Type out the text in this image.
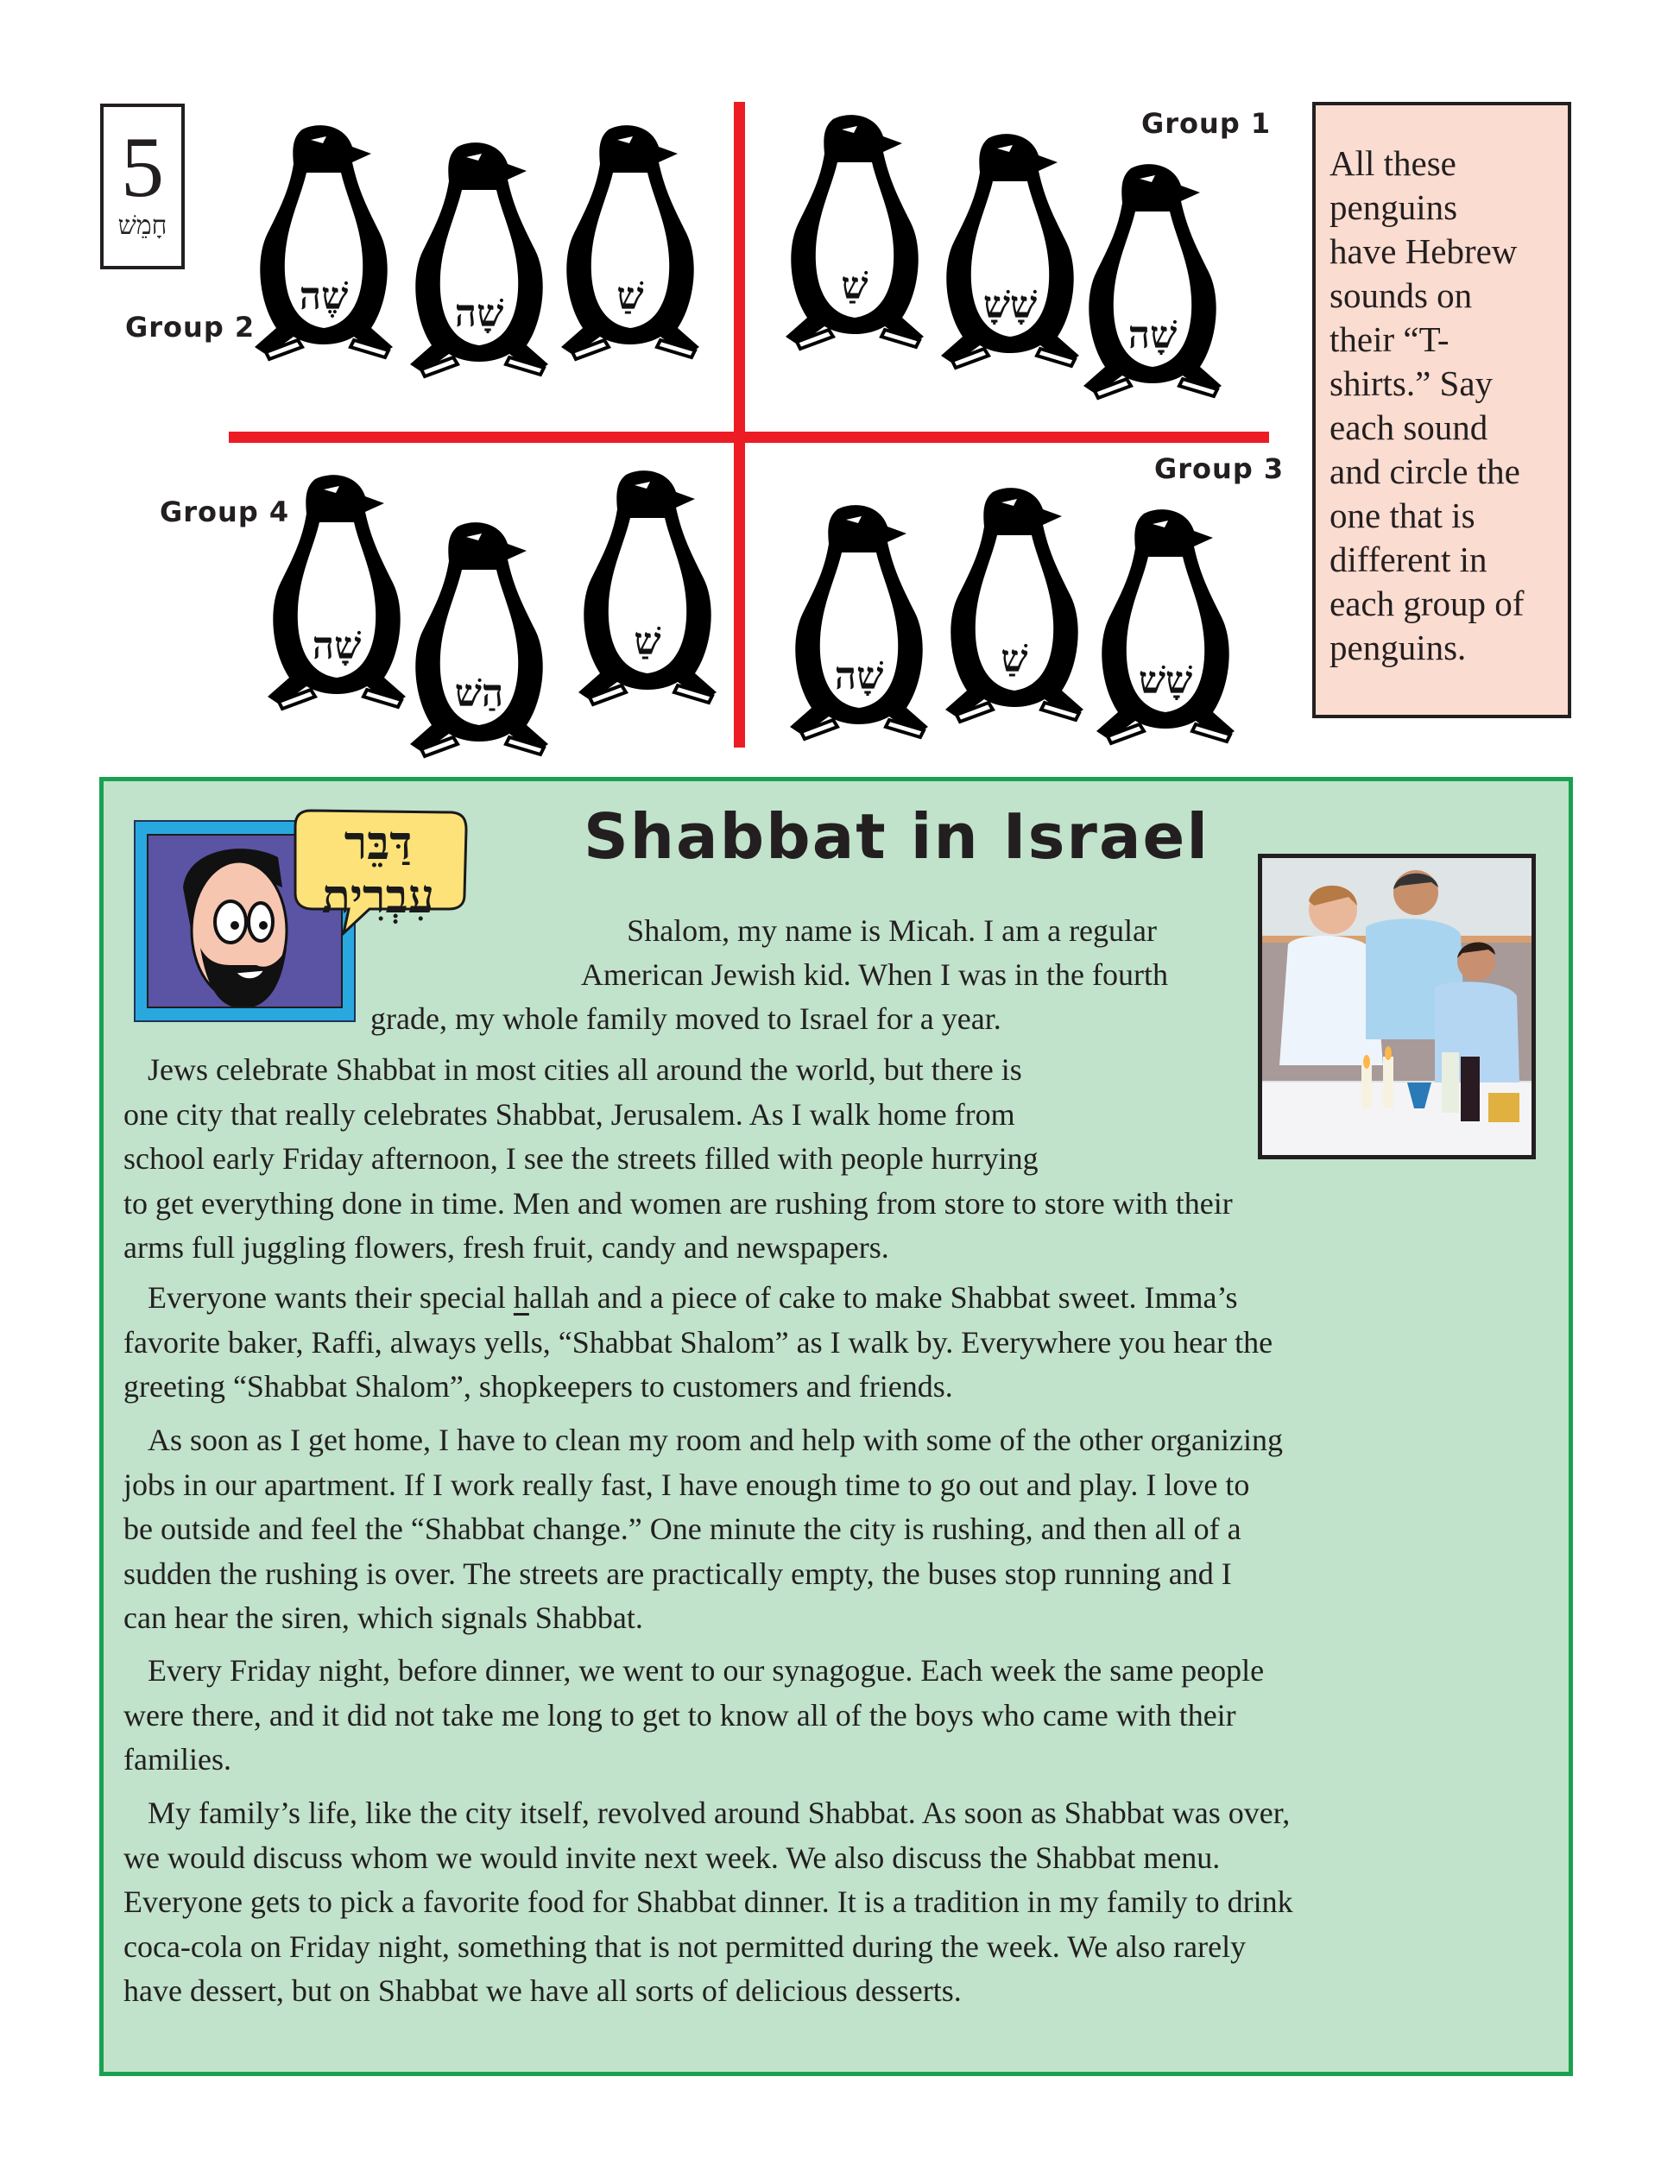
5
חָמֵשׁ
Group 1
Group 2
Group 3
Group 4
שֶׁה	שָׁה	שַׁ	שַׁ	שָׁשָׁ
שָׁה
שָׁה
הַשׁ
שַׁ
שָׁה	שַׁ	שָׁשׁ
All these
penguins
have Hebrew
sounds on
their “T-
shirts.” Say
each sound
and circle the
one that is
different in
each group of
penguins.
דַּבֵּר
עִבְרִית
Shabbat in Israel
Shalom, my name is Micah. I am a regular
American Jewish kid. When I was in the fourth
grade, my whole family moved to Israel for a year.
Jews celebrate Shabbat in most cities all around the world, but there is
one city that really celebrates Shabbat, Jerusalem. As I walk home from
school early Friday afternoon, I see the streets filled with people hurrying
to get everything done in time. Men and women are rushing from store to store with their
arms full juggling flowers, fresh fruit, candy and newspapers.
Everyone wants their special hallah and a piece of cake to make Shabbat sweet. Imma’s
favorite baker, Raffi, always yells, “Shabbat Shalom” as I walk by. Everywhere you hear the
greeting “Shabbat Shalom”, shopkeepers to customers and friends.
As soon as I get home, I have to clean my room and help with some of the other organizing
jobs in our apartment. If I work really fast, I have enough time to go out and play. I love to
be outside and feel the “Shabbat change.” One minute the city is rushing, and then all of a
sudden the rushing is over. The streets are practically empty, the buses stop running and I
can hear the siren, which signals Shabbat.
Every Friday night, before dinner, we went to our synagogue. Each week the same people
were there, and it did not take me long to get to know all of the boys who came with their
families.
My family’s life, like the city itself, revolved around Shabbat. As soon as Shabbat was over,
we would discuss whom we would invite next week. We also discuss the Shabbat menu.
Everyone gets to pick a favorite food for Shabbat dinner. It is a tradition in my family to drink
coca-cola on Friday night, something that is not permitted during the week. We also rarely
have dessert, but on Shabbat we have all sorts of delicious desserts.
